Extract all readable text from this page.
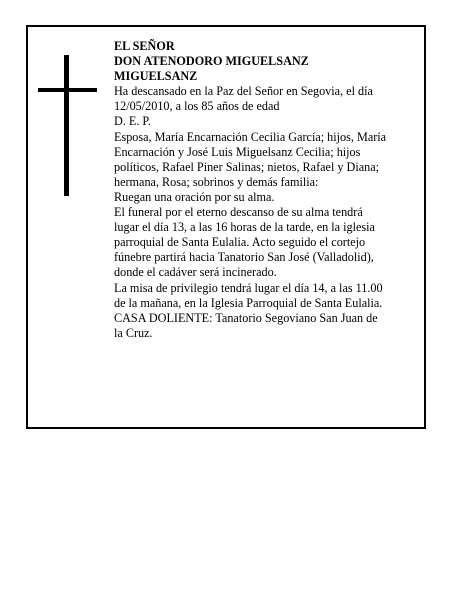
EL SEÑOR
DON ATENODORO MIGUELSANZ
MIGUELSANZ
Ha descansado en la Paz del Señor en Segovia, el día
12/05/2010, a los 85 años de edad
D. E. P.
Esposa, María Encarnación Cecilia García; hijos, María
Encarnación y José Luis Miguelsanz Cecilia; hijos
políticos, Rafael Piner Salinas; nietos, Rafael y Diana;
hermana, Rosa; sobrinos y demás familia:
Ruegan una oración por su alma.
El funeral por el eterno descanso de su alma tendrá
lugar el día 13, a las 16 horas de la tarde, en la iglesia
parroquial de Santa Eulalia. Acto seguido el cortejo
fúnebre partirá hacia Tanatorio San José (Valladolid),
donde el cadáver será incinerado.
La misa de privilegio tendrá lugar el día 14, a las 11.00
de la mañana, en la Iglesia Parroquial de Santa Eulalia.
CASA DOLIENTE: Tanatorio Segoviano San Juan de
la Cruz.
